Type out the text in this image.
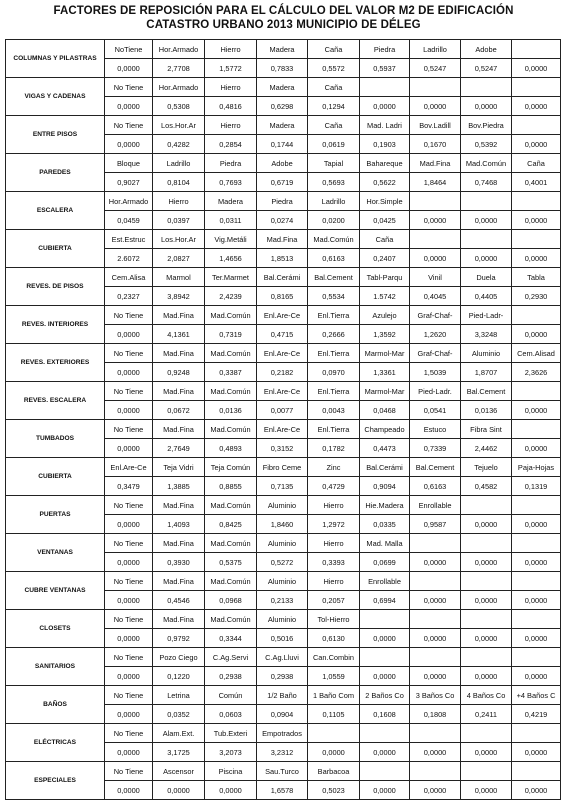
FACTORES DE REPOSICIÓN PARA EL CÁLCULO DEL VALOR M2 DE EDIFICACIÓN
CATASTRO URBANO 2013 MUNICIPIO DE DÉLEG
COLUMNAS Y PILASTRAS	NoTiene	Hor.Armado	Hierro	Madera	Caña	Piedra	Ladrillo	Adobe	
	0,0000	2,7708	1,5772	0,7833	0,5572	0,5937	0,5247	0,5247	0,0000
VIGAS Y CADENAS	No Tiene	Hor.Armado	Hierro	Madera	Caña				
	0,0000	0,5308	0,4816	0,6298	0,1294	0,0000	0,0000	0,0000	0,0000
ENTRE PISOS	No Tiene	Los.Hor.Ar	Hierro	Madera	Caña	Mad. Ladri	Bov.Ladill	Bov.Piedra	
	0,0000	0,4282	0,2854	0,1744	0,0619	0,1903	0,1670	0,5392	0,0000
PAREDES	Bloque	Ladrillo	Piedra	Adobe	Tapial	Bahareque	Mad.Fina	Mad.Común	Caña
	0,9027	0,8104	0,7693	0,6719	0,5693	0,5622	1,8464	0,7468	0,4001
ESCALERA	Hor.Armado	Hierro	Madera	Piedra	Ladrillo	Hor.Simple			
	0,0459	0,0397	0,0311	0,0274	0,0200	0,0425	0,0000	0,0000	0,0000
CUBIERTA	Est.Estruc	Los.Hor.Ar	Vig.Metáli	Mad.Fina	Mad.Común	Caña			
	2.6072	2,0827	1,4656	1,8513	0,6163	0,2407	0,0000	0,0000	0,0000
REVES. DE PISOS	Cem.Alisa	Marmol	Ter.Marmet	Bal.Cerámi	Bal.Cement	Tabl-Parqu	Vinil	Duela	Tabla
	0,2327	3,8942	2,4239	0,8165	0,5534	1.5742	0,4045	0,4405	0,2930
REVES. INTERIORES	No Tiene	Mad.Fina	Mad.Común	Enl.Are-Ce	Enl.Tierra	Azulejo	Graf-Chaf-	Pied-Ladr-	
	0,0000	4,1361	0,7319	0,4715	0,2666	1,3592	1,2620	3,3248	0,0000
REVES. EXTERIORES	No Tiene	Mad.Fina	Mad.Común	Enl.Are-Ce	Enl.Tierra	Marmol-Mar	Graf-Chaf-	Aluminio	Cem.Alisad
	0,0000	0,9248	0,3387	0,2182	0,0970	1,3361	1,5039	1,8707	2,3626
REVES. ESCALERA	No Tiene	Mad.Fina	Mad.Común	Enl.Are-Ce	Enl.Tierra	Marmol-Mar	Pied-Ladr.	Bal.Cement	
	0,0000	0,0672	0,0136	0,0077	0,0043	0,0468	0,0541	0,0136	0,0000
TUMBADOS	No Tiene	Mad.Fina	Mad.Común	Enl.Are-Ce	Enl.Tierra	Champeado	Estuco	Fibra Sint	
	0,0000	2,7649	0,4893	0,3152	0,1782	0,4473	0,7339	2,4462	0,0000
CUBIERTA	Enl.Are-Ce	Teja Vidri	Teja Común	Fibro Ceme	Zinc	Bal.Cerámi	Bal.Cement	Tejuelo	Paja-Hojas
	0,3479	1,3885	0,8855	0,7135	0,4729	0,9094	0,6163	0,4582	0,1319
PUERTAS	No Tiene	Mad.Fina	Mad.Común	Aluminio	Hierro	Hie.Madera	Enrollable		
	0,0000	1,4093	0,8425	1,8460	1,2972	0,0335	0,9587	0,0000	0,0000
VENTANAS	No Tiene	Mad.Fina	Mad.Común	Aluminio	Hierro	Mad. Malla			
	0,0000	0,3930	0,5375	0,5272	0,3393	0,0699	0,0000	0,0000	0,0000
CUBRE VENTANAS	No Tiene	Mad.Fina	Mad.Común	Aluminio	Hierro	Enrollable			
	0,0000	0,4546	0,0968	0,2133	0,2057	0,6994	0,0000	0,0000	0,0000
CLOSETS	No Tiene	Mad.Fina	Mad.Común	Aluminio	Tol-Hierro				
	0,0000	0,9792	0,3344	0,5016	0,6130	0,0000	0,0000	0,0000	0,0000
SANITARIOS	No Tiene	Pozo Ciego	C.Ag.Servi	C.Ag.Lluvi	Can.Combin				
	0,0000	0,1220	0,2938	0,2938	1,0559	0,0000	0,0000	0,0000	0,0000
BAÑOS	No Tiene	Letrina	Común	1/2 Baño	1 Baño Com	2 Baños Co	3 Baños Co	4 Baños Co	+4 Baños C
	0,0000	0,0352	0,0603	0,0904	0,1105	0,1608	0,1808	0,2411	0,4219
ELÉCTRICAS	No Tiene	Alam.Ext.	Tub.Exteri	Empotrados					
	0,0000	3,1725	3,2073	3,2312	0,0000	0,0000	0,0000	0,0000	0,0000
ESPECIALES	No Tiene	Ascensor	Piscina	Sau.Turco	Barbacoa				
	0,0000	0,0000	0,0000	1,6578	0,5023	0,0000	0,0000	0,0000	0,0000
